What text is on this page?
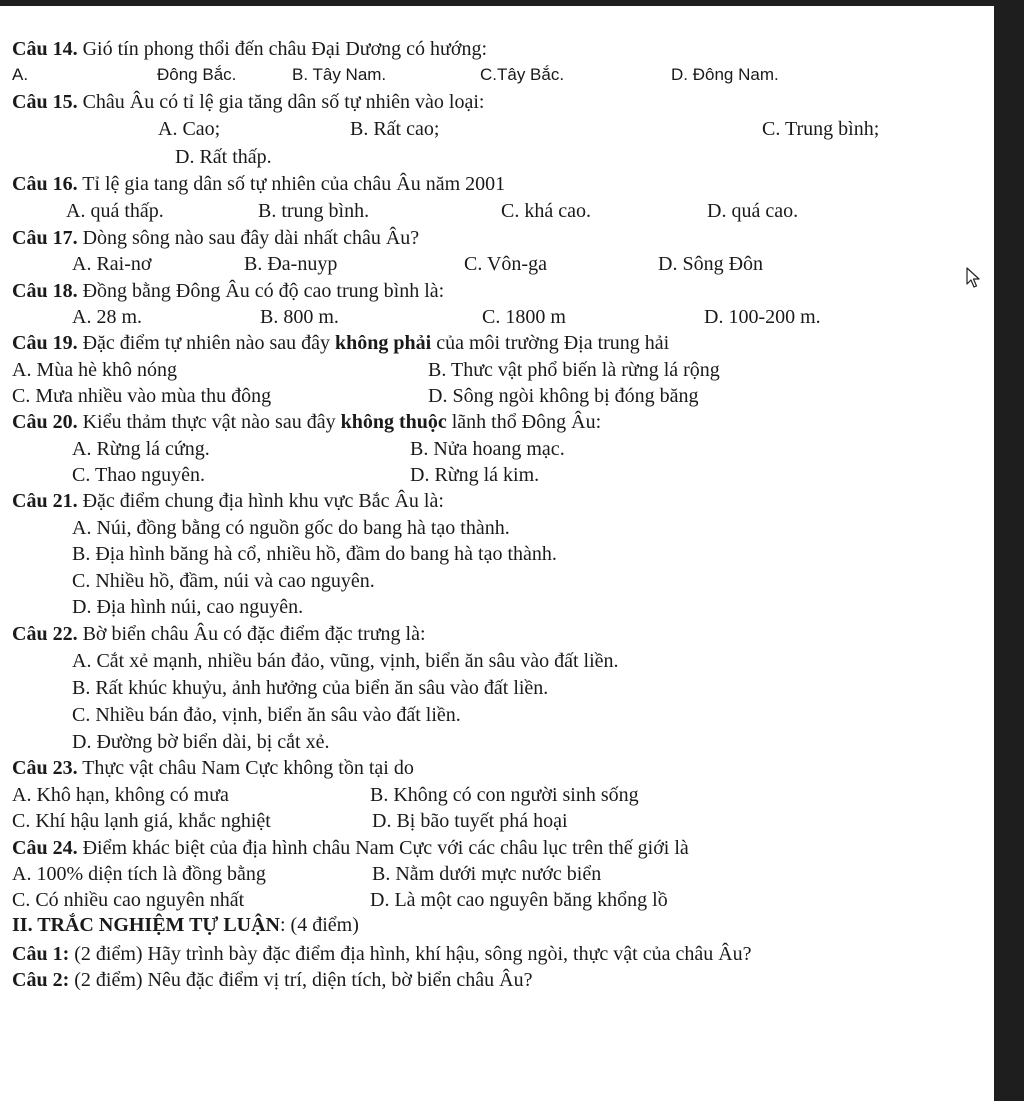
Câu 14. Gió tín phong thổi đến châu Đại Dương có hướng:
A.	Đông Bắc.	B. Tây Nam.	C.Tây Bắc.	D. Đông Nam.
Câu 15. Châu Âu có tỉ lệ gia tăng dân số tự nhiên vào loại:
A. Cao;	B. Rất cao;	C. Trung bình;
D. Rất thấp.
Câu 16. Tỉ lệ gia tang dân số tự nhiên của châu Âu năm 2001
A. quá thấp.	B. trung bình.	C. khá cao.	D. quá cao.
Câu 17. Dòng sông nào sau đây dài nhất châu Âu?
A. Rai-nơ	B. Đa-nuyp	C. Vôn-ga	D. Sông Đôn
Câu 18. Đồng bằng Đông Âu có độ cao trung bình là:
A. 28 m.	B. 800 m.	C. 1800 m	D. 100-200 m.
Câu 19. Đặc điểm tự nhiên nào sau đây không phải của môi trường Địa trung hải
A. Mùa hè khô nóng	B. Thưc vật phổ biến là rừng lá rộng
C. Mưa nhiều vào mùa thu đông	D. Sông ngòi không bị đóng băng
Câu 20. Kiểu thảm thực vật nào sau đây không thuộc lãnh thổ Đông Âu:
A. Rừng lá cứng.	B. Nửa hoang mạc.
C. Thao nguyên.	D. Rừng lá kim.
Câu 21. Đặc điểm chung địa hình khu vực Bắc Âu là:
A. Núi, đồng bằng có nguồn gốc do bang hà tạo thành.
B. Địa hình băng hà cổ, nhiều hồ, đầm do bang hà tạo thành.
C. Nhiều hồ, đầm, núi và cao nguyên.
D. Địa hình núi, cao nguyên.
Câu 22. Bờ biển châu Âu có đặc điểm đặc trưng là:
A. Cắt xẻ mạnh, nhiều bán đảo, vũng, vịnh, biển ăn sâu vào đất liền.
B. Rất khúc khuỷu, ảnh hưởng của biển ăn sâu vào đất liền.
C. Nhiều bán đảo, vịnh, biển ăn sâu vào đất liền.
D. Đường bờ biển dài, bị cắt xẻ.
Câu 23. Thực vật châu Nam Cực không tồn tại do
A. Khô hạn, không có mưa	B. Không có con người sinh sống
C. Khí hậu lạnh giá, khắc nghiệt	D. Bị bão tuyết phá hoại
Câu 24. Điểm khác biệt của địa hình châu Nam Cực với các châu lục trên thế giới là
A. 100% diện tích là đồng bằng	B. Nằm dưới mực nước biển
C. Có nhiều cao nguyên nhất	D. Là một cao nguyên băng khổng lồ
II. TRẮC NGHIỆM TỰ LUẬN: (4 điểm)
Câu 1: (2 điểm) Hãy trình bày đặc điểm địa hình, khí hậu, sông ngòi, thực vật của châu Âu?
Câu 2: (2 điểm) Nêu đặc điểm vị trí, diện tích, bờ biển châu Âu?
